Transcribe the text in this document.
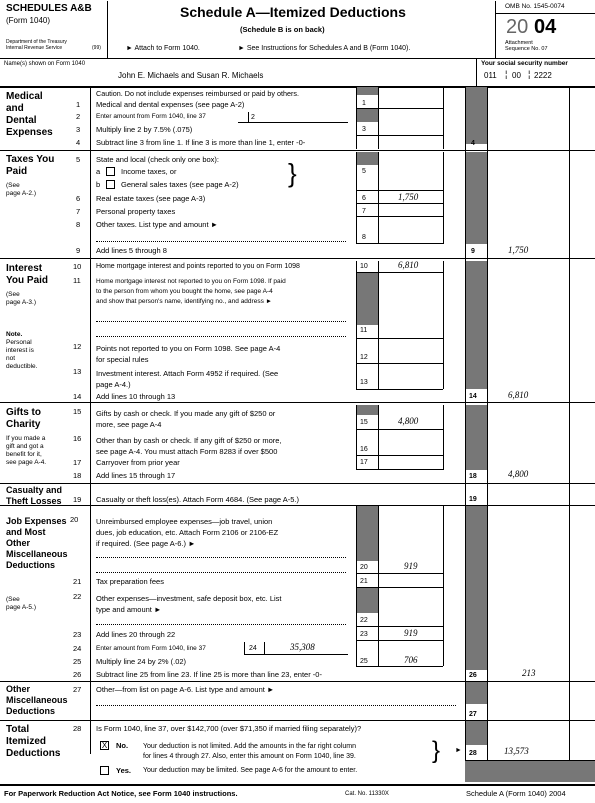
SCHEDULES A&B
(Form 1040)
Department of the Treasury
Internal Revenue Service	(99)
Schedule A—Itemized Deductions
(Schedule B is on back)
► Attach to Form 1040.	► See Instructions for Schedules A and B (Form 1040).
OMB No. 1545-0074
20 04
Attachment
Sequence No. 07
Name(s) shown on Form 1040
John E. Michaels and Susan R. Michaels
Your social security number
011 ¦ 00 ¦ 2222
Medical
and
Dental
Expenses
Caution. Do not include expenses reimbursed or paid by others.
1 Medical and dental expenses (see page A-2)	1
2 Enter amount from Form 1040, line 37	2
3 Multiply line 2 by 7.5% (.075)	3
4 Subtract line 3 from line 1. If line 3 is more than line 1, enter -0-	4
Taxes You
Paid
(See
page A-2.)
5 State and local (check only one box):
a	Income taxes, or
b	General sales taxes (see page A-2) }	5
6 Real estate taxes (see page A-3)	6	1,750
7 Personal property taxes	7
8 Other taxes. List type and amount ►
8
9 Add lines 5 through 8	9	1,750
Interest
You Paid
(See
page A-3.)
Note.
Personal
interest is
not
deductible.
10 Home mortgage interest and points reported to you on Form 1098	10	6,810
11 Home mortgage interest not reported to you on Form 1098. If paid
to the person from whom you bought the home, see page A-4
and show that person's name, identifying no., and address ►
11
12 Points not reported to you on Form 1098. See page A-4
for special rules	12
13 Investment interest. Attach Form 4952 if required. (See
page A-4.)	13
14 Add lines 10 through 13	14	6,810
Gifts to
Charity
If you made a
gift and got a
benefit for it,
see page A-4.
15 Gifts by cash or check. If you made any gift of $250 or
more, see page A-4	15	4,800
16 Other than by cash or check. If any gift of $250 or more,
see page A-4. You must attach Form 8283 if over $500	16
17 Carryover from prior year	17
18 Add lines 15 through 17	18	4,800
Casualty and
Theft Losses 19 Casualty or theft loss(es). Attach Form 4684. (See page A-5.)	19
Job Expenses
and Most
Other
Miscellaneous
Deductions
(See
page A-5.)
20 Unreimbursed employee expenses—job travel, union
dues, job education, etc. Attach Form 2106 or 2106-EZ
if required. (See page A-6.) ►
20	919
21 Tax preparation fees	21
22 Other expenses—investment, safe deposit box, etc. List
type and amount ►
22
23 Add lines 20 through 22	23	919
24 Enter amount from Form 1040, line 37	24	35,308
25 Multiply line 24 by 2% (.02)	25	706
26 Subtract line 25 from line 23. If line 25 is more than line 23, enter -0-	26	213
Other
Miscellaneous
Deductions
27 Other—from list on page A-6. List type and amount ►
27
Total
Itemized
Deductions
28 Is Form 1040, line 37, over $142,700 (over $71,350 if married filing separately)?
X No. Your deduction is not limited. Add the amounts in the far right column
for lines 4 through 27. Also, enter this amount on Form 1040, line 39.	} ►
Yes. Your deduction may be limited. See page A-6 for the amount to enter.
28	13,573
For Paperwork Reduction Act Notice, see Form 1040 instructions.	Cat. No. 11330X	Schedule A (Form 1040) 2004
